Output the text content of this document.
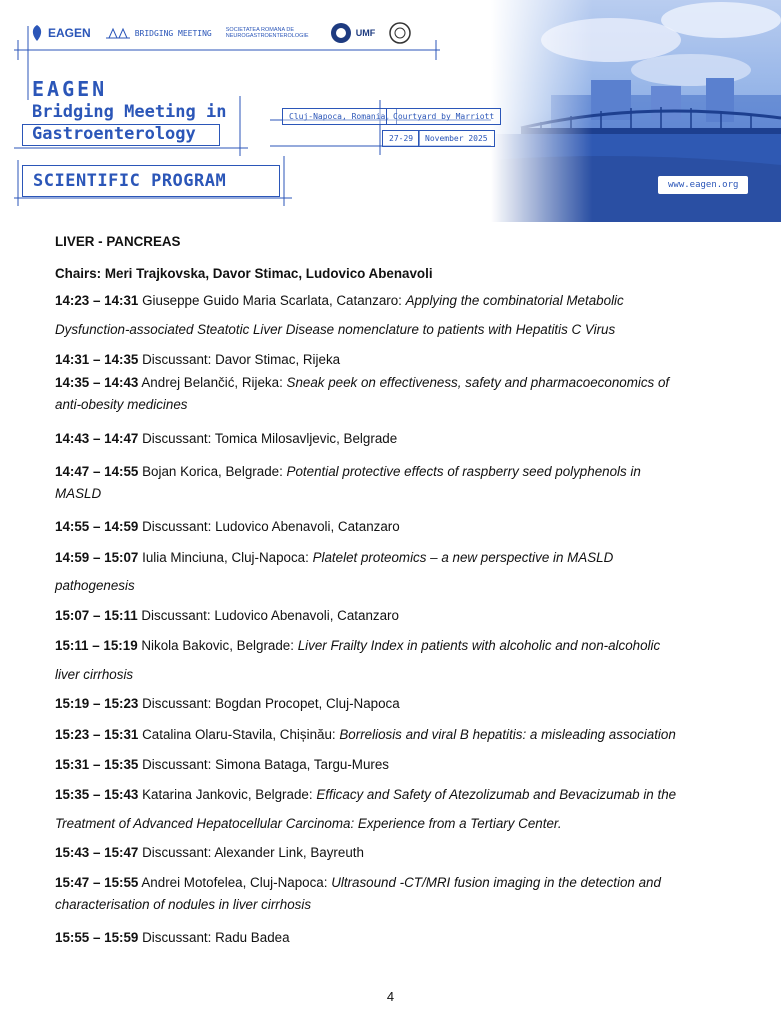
EAGEN	BRIDGING MEETING	SOCIETATEA ROMANA DE NEUROGASTROENTEROLOGIE	UMF
EAGEN
Bridging Meeting in
Gastroenterology
SCIENTIFIC PROGRAM
Cluj-Napoca, Romania, Courtyard by Marriott
27-29	November 2025
www.eagen.org
LIVER - PANCREAS
Chairs: Meri Trajkovska, Davor Stimac, Ludovico Abenavoli
14:23 – 14:31 Giuseppe Guido Maria Scarlata, Catanzaro: Applying the combinatorial Metabolic
Dysfunction-associated Steatotic Liver Disease nomenclature to patients with Hepatitis C Virus
14:31 – 14:35 Discussant: Davor Stimac, Rijeka
14:35 – 14:43 Andrej Belančić, Rijeka: Sneak peek on effectiveness, safety and pharmacoeconomics of
anti-obesity medicines
14:43 – 14:47 Discussant: Tomica Milosavljevic, Belgrade
14:47 – 14:55 Bojan Korica, Belgrade: Potential protective effects of raspberry seed polyphenols in
MASLD
14:55 – 14:59 Discussant: Ludovico Abenavoli, Catanzaro
14:59 – 15:07 Iulia Minciuna, Cluj-Napoca: Platelet proteomics – a new perspective in MASLD
pathogenesis
15:07 – 15:11 Discussant: Ludovico Abenavoli, Catanzaro
15:11 – 15:19 Nikola Bakovic, Belgrade: Liver Frailty Index in patients with alcoholic and non-alcoholic
liver cirrhosis
15:19 – 15:23 Discussant: Bogdan Procopet, Cluj-Napoca
15:23 – 15:31 Catalina Olaru-Stavila, Chișinău: Borreliosis and viral B hepatitis: a misleading association
15:31 – 15:35 Discussant: Simona Bataga, Targu-Mures
15:35 – 15:43 Katarina Jankovic, Belgrade: Efficacy and Safety of Atezolizumab and Bevacizumab in the
Treatment of Advanced Hepatocellular Carcinoma: Experience from a Tertiary Center.
15:43 – 15:47 Discussant: Alexander Link, Bayreuth
15:47 – 15:55 Andrei Motofelea, Cluj-Napoca: Ultrasound -CT/MRI fusion imaging in the detection and
characterisation of nodules in liver cirrhosis
15:55 – 15:59 Discussant: Radu Badea
4
